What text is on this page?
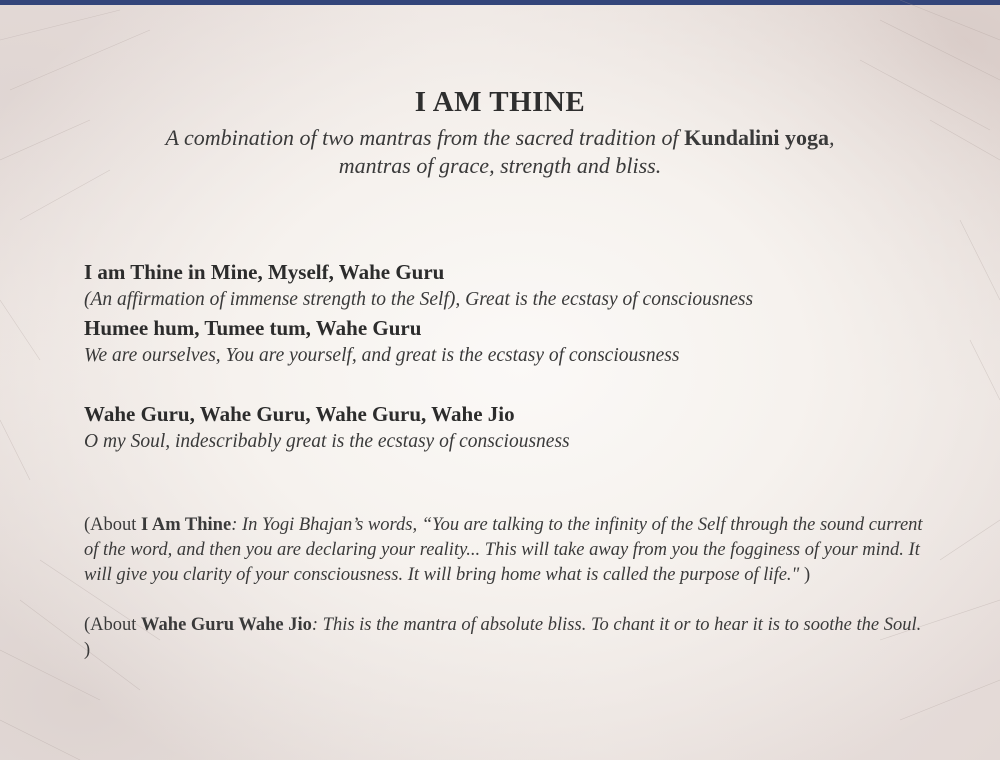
I AM THINE
A combination of two mantras from the sacred tradition of Kundalini yoga,
mantras of grace, strength and bliss.
I am Thine in Mine, Myself, Wahe Guru
(An affirmation of immense strength to the Self), Great is the ecstasy of consciousness
Humee hum, Tumee tum, Wahe Guru
We are ourselves, You are yourself, and great is the ecstasy of consciousness
Wahe Guru, Wahe Guru, Wahe Guru, Wahe Jio
O my Soul, indescribably great is the ecstasy of consciousness

(About I Am Thine: In Yogi Bhajan’s words, “You are talking to the infinity of the Self through the sound current of the word, and then you are declaring your reality... This will take away from you the fogginess of your mind. It will give you clarity of your consciousness. It will bring home what is called the purpose of life." )

(About Wahe Guru Wahe Jio: This is the mantra of absolute bliss. To chant it or to hear it is to soothe the Soul. )
